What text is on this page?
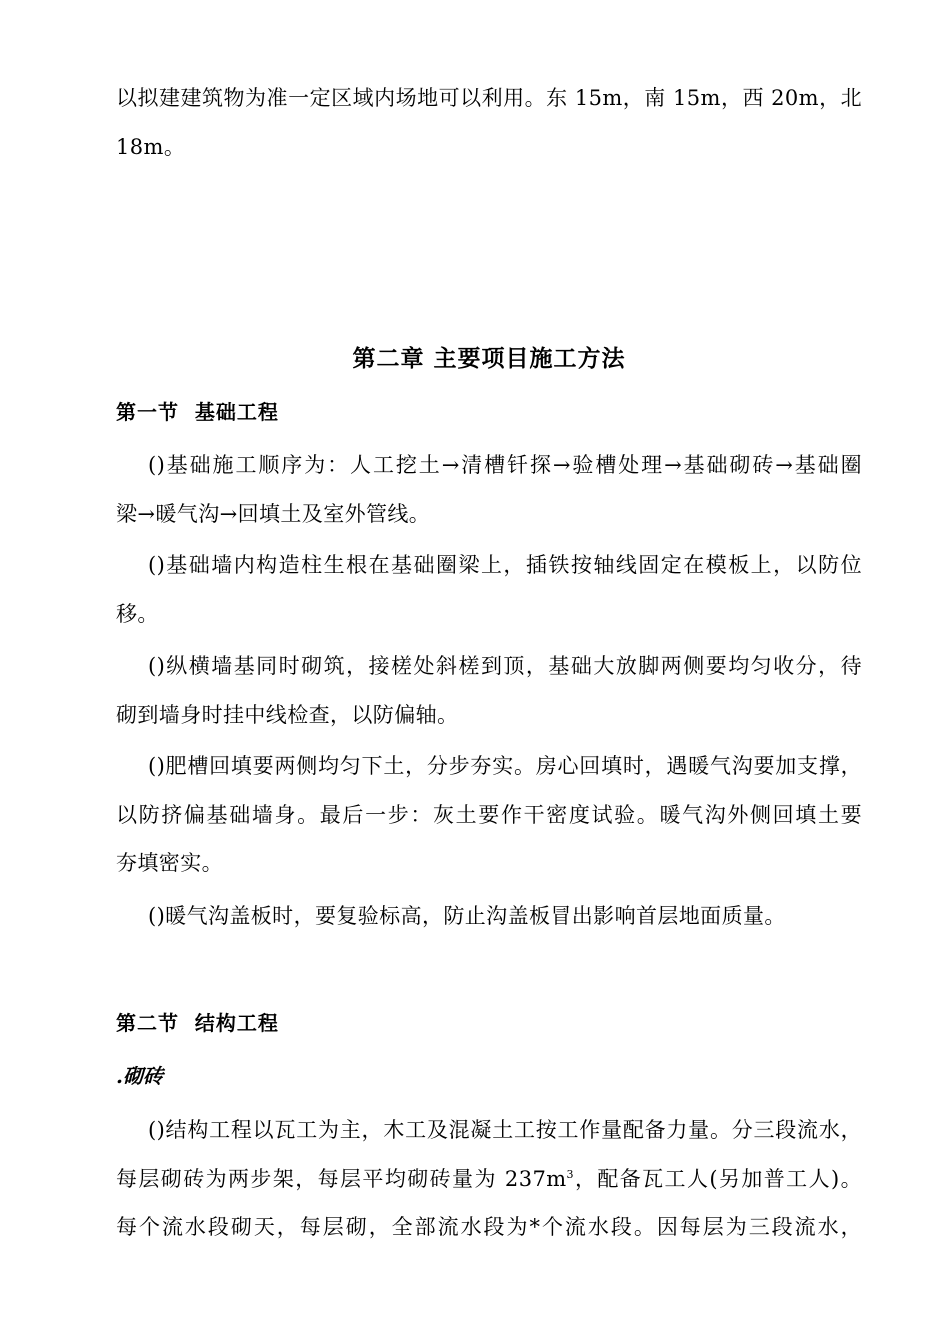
以拟建建筑物为准一定区域内场地可以利用。东 15m，南 15m，西 20m，北
18m。
第二章 主要项目施工方法
第一节  基础工程
()基础施工顺序为：人工挖土→清槽钎探→验槽处理→基础砌砖→基础圈
梁→暖气沟→回填土及室外管线。
()基础墙内构造柱生根在基础圈梁上，插铁按轴线固定在模板上，以防位
移。
()纵横墙基同时砌筑，接槎处斜槎到顶，基础大放脚两侧要均匀收分，待
砌到墙身时挂中线检查，以防偏轴。
()肥槽回填要两侧均匀下土，分步夯实。房心回填时，遇暖气沟要加支撑，
以防挤偏基础墙身。最后一步：灰土要作干密度试验。暖气沟外侧回填土要
夯填密实。
()暖气沟盖板时，要复验标高，防止沟盖板冒出影响首层地面质量。
第二节  结构工程
.砌砖
()结构工程以瓦工为主，木工及混凝土工按工作量配备力量。分三段流水，
每层砌砖为两步架，每层平均砌砖量为 $237m^3$，配备瓦工人(另加普工人)。
每个流水段砌天，每层砌，全部流水段为*个流水段。因每层为三段流水，
